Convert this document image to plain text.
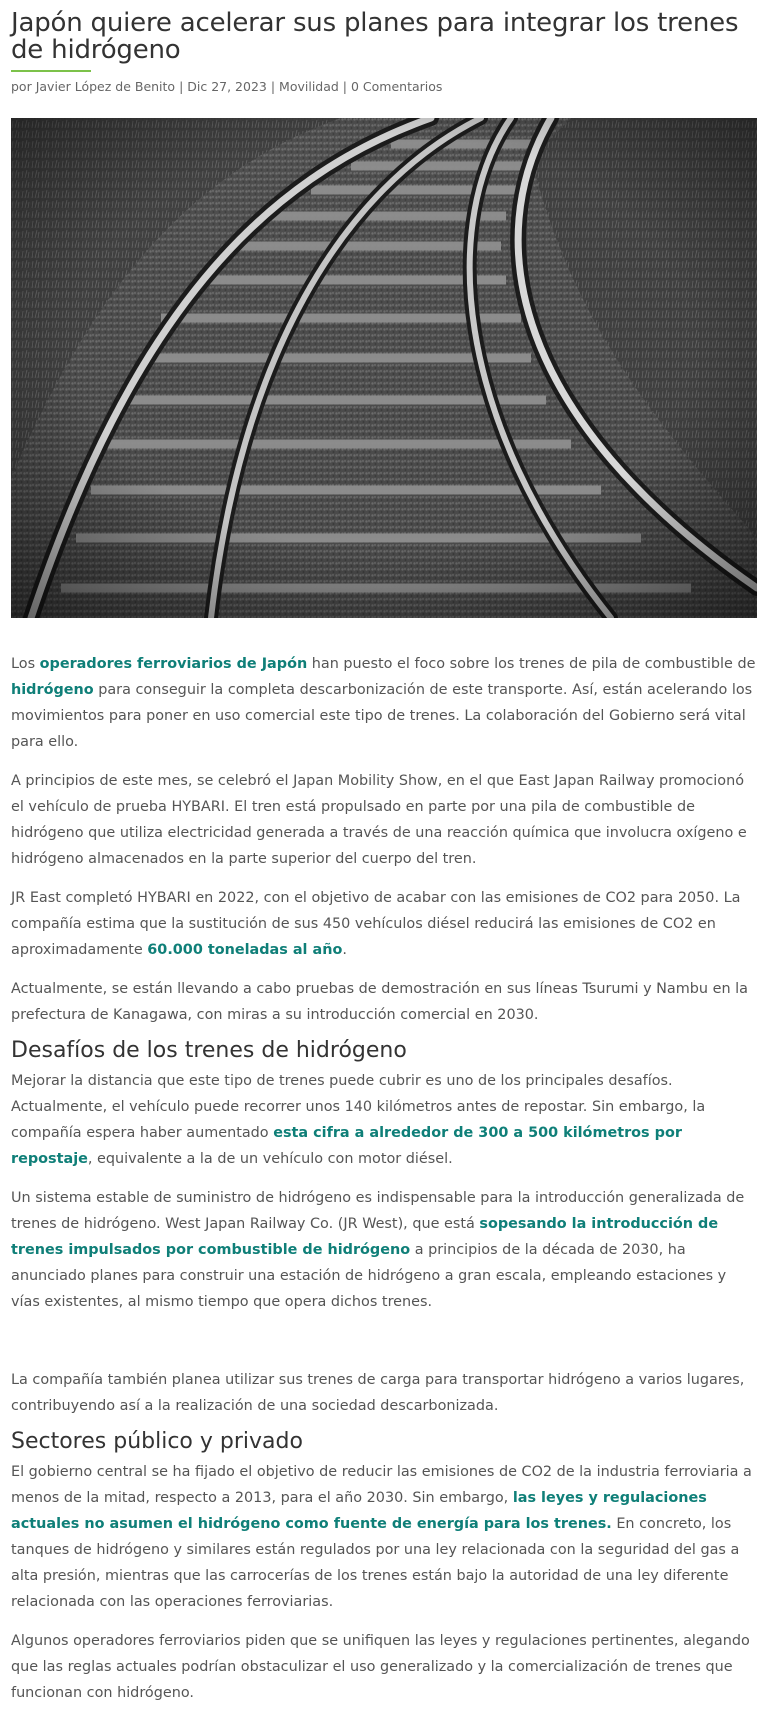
Japón quiere acelerar sus planes para integrar los trenes de hidrógeno
por Javier López de Benito | Dic 27, 2023 | Movilidad | 0 Comentarios

Los operadores ferroviarios de Japón han puesto el foco sobre los trenes de pila de combustible de hidrógeno para conseguir la completa descarbonización de este transporte. Así, están acelerando los movimientos para poner en uso comercial este tipo de trenes. La colaboración del Gobierno será vital para ello.

A principios de este mes, se celebró el Japan Mobility Show, en el que East Japan Railway promocionó el vehículo de prueba HYBARI. El tren está propulsado en parte por una pila de combustible de hidrógeno que utiliza electricidad generada a través de una reacción química que involucra oxígeno e hidrógeno almacenados en la parte superior del cuerpo del tren.

JR East completó HYBARI en 2022, con el objetivo de acabar con las emisiones de CO2 para 2050. La compañía estima que la sustitución de sus 450 vehículos diésel reducirá las emisiones de CO2 en aproximadamente 60.000 toneladas al año.

Actualmente, se están llevando a cabo pruebas de demostración en sus líneas Tsurumi y Nambu en la prefectura de Kanagawa, con miras a su introducción comercial en 2030.

Desafíos de los trenes de hidrógeno

Mejorar la distancia que este tipo de trenes puede cubrir es uno de los principales desafíos. Actualmente, el vehículo puede recorrer unos 140 kilómetros antes de repostar. Sin embargo, la compañía espera haber aumentado esta cifra a alrededor de 300 a 500 kilómetros por repostaje, equivalente a la de un vehículo con motor diésel.

Un sistema estable de suministro de hidrógeno es indispensable para la introducción generalizada de trenes de hidrógeno. West Japan Railway Co. (JR West), que está sopesando la introducción de trenes impulsados por combustible de hidrógeno a principios de la década de 2030, ha anunciado planes para construir una estación de hidrógeno a gran escala, empleando estaciones y vías existentes, al mismo tiempo que opera dichos trenes.

La compañía también planea utilizar sus trenes de carga para transportar hidrógeno a varios lugares, contribuyendo así a la realización de una sociedad descarbonizada.

Sectores público y privado

El gobierno central se ha fijado el objetivo de reducir las emisiones de CO2 de la industria ferroviaria a menos de la mitad, respecto a 2013, para el año 2030. Sin embargo, las leyes y regulaciones actuales no asumen el hidrógeno como fuente de energía para los trenes. En concreto, los tanques de hidrógeno y similares están regulados por una ley relacionada con la seguridad del gas a alta presión, mientras que las carrocerías de los trenes están bajo la autoridad de una ley diferente relacionada con las operaciones ferroviarias.

Algunos operadores ferroviarios piden que se unifiquen las leyes y regulaciones pertinentes, alegando que las reglas actuales podrían obstaculizar el uso generalizado y la comercialización de trenes que funcionan con hidrógeno.
